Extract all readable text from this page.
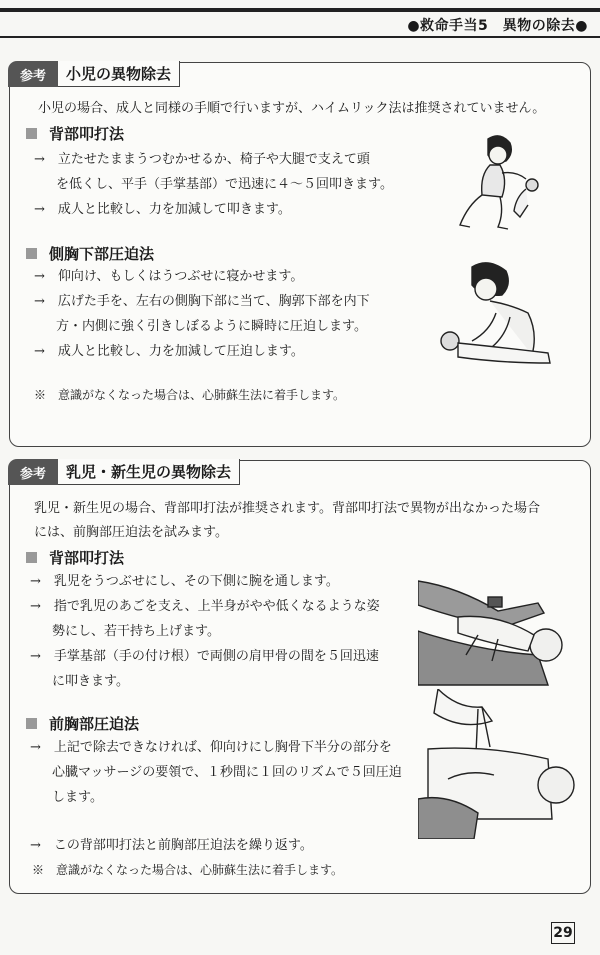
●救命手当5　異物の除去●
参考	小児の異物除去
小児の場合、成人と同様の手順で行いますが、ハイムリック法は推奨されていません。
背部叩打法
→　立たせたままうつむかせるか、椅子や大腿で支えて頭
を低くし、平手（手掌基部）で迅速に４～５回叩きます。
→　成人と比較し、力を加減して叩きます。
側胸下部圧迫法
→　仰向け、もしくはうつぶせに寝かせます。
→　広げた手を、左右の側胸下部に当て、胸郭下部を内下
方・内側に強く引きしぼるように瞬時に圧迫します。
→　成人と比較し、力を加減して圧迫します。
※　意識がなくなった場合は、心肺蘇生法に着手します。
参考	乳児・新生児の異物除去
乳児・新生児の場合、背部叩打法が推奨されます。背部叩打法で異物が出なかった場合
には、前胸部圧迫法を試みます。
背部叩打法
→　乳児をうつぶせにし、その下側に腕を通します。
→　指で乳児のあごを支え、上半身がやや低くなるような姿
勢にし、若干持ち上げます。
→　手掌基部（手の付け根）で両側の肩甲骨の間を５回迅速
に叩きます。
前胸部圧迫法
→　上記で除去できなければ、仰向けにし胸骨下半分の部分を
心臓マッサージの要領で、１秒間に１回のリズムで５回圧迫
します。
→　この背部叩打法と前胸部圧迫法を繰り返す。
※　意識がなくなった場合は、心肺蘇生法に着手します。
29
